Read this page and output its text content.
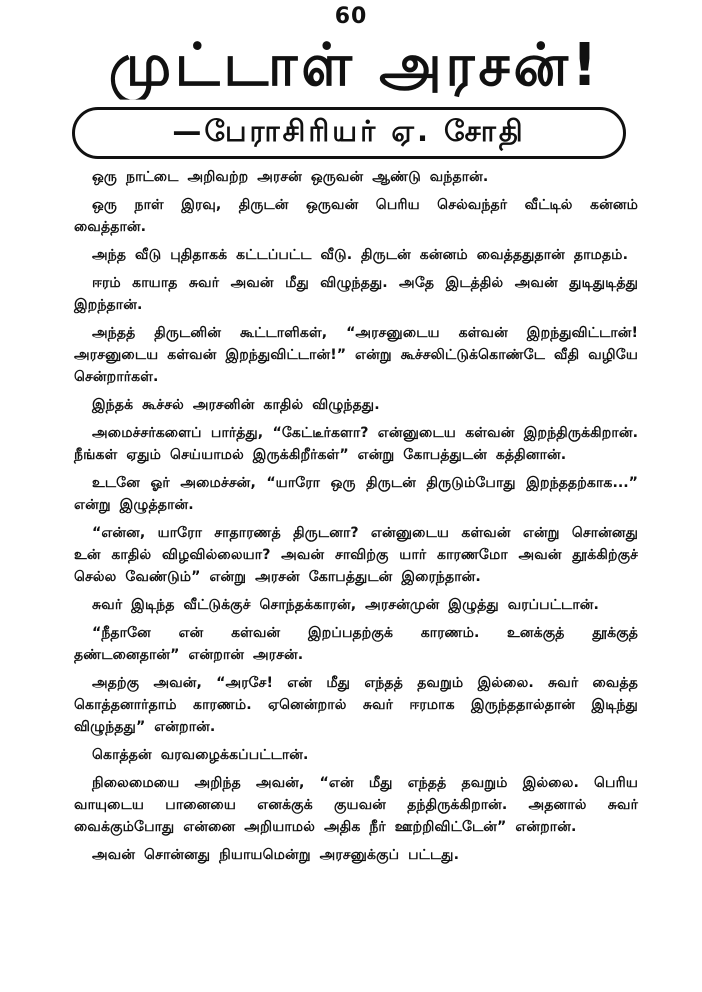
60
முட்டாள் அரசன்!
—பேராசிரியர் ஏ. சோதி

ஒரு நாட்டை அறிவற்ற அரசன் ஒருவன் ஆண்டு வந்தான்.

ஒரு நாள் இரவு, திருடன் ஒருவன் பெரிய செல்வந்தர் வீட்டில் கன்னம் வைத்தான்.

அந்த வீடு புதிதாகக் கட்டப்பட்ட வீடு. திருடன் கன்னம் வைத்ததுதான் தாமதம்.

ஈரம் காயாத சுவர் அவன் மீது விழுந்தது. அதே இடத்தில் அவன் துடிதுடித்து இறந்தான்.

அந்தத் திருடனின் கூட்டாளிகள், “அரசனுடைய கள்வன் இறந்துவிட்டான்! அரசனுடைய கள்வன் இறந்துவிட்டான்!” என்று கூச்சலிட்டுக்கொண்டே வீதி வழியே சென்றார்கள்.

இந்தக் கூச்சல் அரசனின் காதில் விழுந்தது.

அமைச்சர்களைப் பார்த்து, “கேட்டீர்களா? என்னுடைய கள்வன் இறந்திருக்கிறான். நீங்கள் ஏதும் செய்யாமல் இருக்கிறீர்கள்” என்று கோபத்துடன் கத்தினான்.

உடனே ஓர் அமைச்சன், “யாரோ ஒரு திருடன் திருடும்போது இறந்ததற்காக...” என்று இழுத்தான்.

“என்ன, யாரோ சாதாரணத் திருடனா? என்னுடைய கள்வன் என்று சொன்னது உன் காதில் விழவில்லையா? அவன் சாவிற்கு யார் காரணமோ அவன் தூக்கிற்குச் செல்ல வேண்டும்” என்று அரசன் கோபத்துடன் இரைந்தான்.

சுவர் இடிந்த வீட்டுக்குச் சொந்தக்காரன், அரசன்முன் இழுத்து வரப்பட்டான்.

“நீதானே என் கள்வன் இறப்பதற்குக் காரணம். உனக்குத் தூக்குத் தண்டனைதான்” என்றான் அரசன்.

அதற்கு அவன், “அரசே! என் மீது எந்தத் தவறும் இல்லை. சுவர் வைத்த கொத்தனார்தாம் காரணம். ஏனென்றால் சுவர் ஈரமாக இருந்ததால்தான் இடிந்து விழுந்தது” என்றான்.

கொத்தன் வரவழைக்கப்பட்டான்.

நிலைமையை அறிந்த அவன், “என் மீது எந்தத் தவறும் இல்லை. பெரிய வாயுடைய பானையை எனக்குக் குயவன் தந்திருக்கிறான். அதனால் சுவர் வைக்கும்போது என்னை அறியாமல் அதிக நீர் ஊற்றிவிட்டேன்” என்றான்.

அவன் சொன்னது நியாயமென்று அரசனுக்குப் பட்டது.
